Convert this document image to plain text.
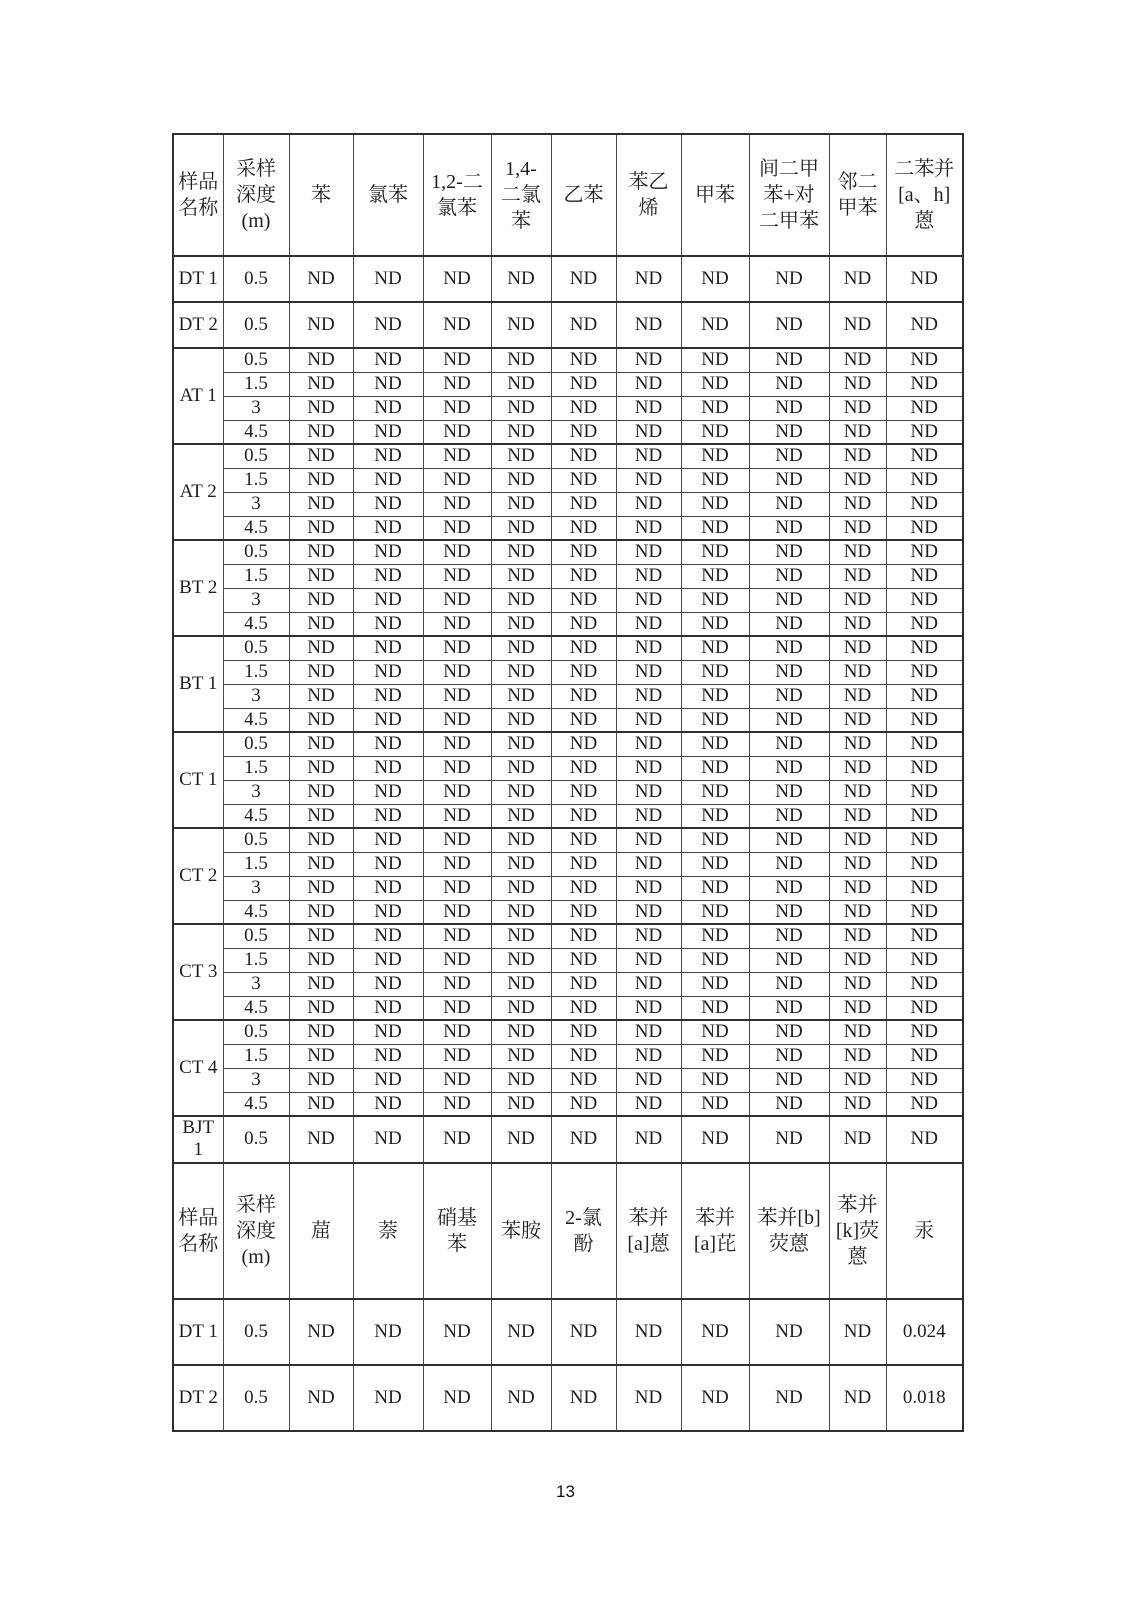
样品名称	采样深度(m)	苯	氯苯	1,2-二氯苯	1,4-二氯苯	乙苯	苯乙烯	甲苯	间二甲苯+对二甲苯	邻二甲苯	二苯并[a、h]蒽
DT 1	0.5	ND	ND	ND	ND	ND	ND	ND	ND	ND	ND
DT 2	0.5	ND	ND	ND	ND	ND	ND	ND	ND	ND	ND
AT 1	0.5	ND	ND	ND	ND	ND	ND	ND	ND	ND	ND
	1.5	ND	ND	ND	ND	ND	ND	ND	ND	ND	ND
	3	ND	ND	ND	ND	ND	ND	ND	ND	ND	ND
	4.5	ND	ND	ND	ND	ND	ND	ND	ND	ND	ND
AT 2	0.5	ND	ND	ND	ND	ND	ND	ND	ND	ND	ND
	1.5	ND	ND	ND	ND	ND	ND	ND	ND	ND	ND
	3	ND	ND	ND	ND	ND	ND	ND	ND	ND	ND
	4.5	ND	ND	ND	ND	ND	ND	ND	ND	ND	ND
BT 2	0.5	ND	ND	ND	ND	ND	ND	ND	ND	ND	ND
	1.5	ND	ND	ND	ND	ND	ND	ND	ND	ND	ND
	3	ND	ND	ND	ND	ND	ND	ND	ND	ND	ND
	4.5	ND	ND	ND	ND	ND	ND	ND	ND	ND	ND
BT 1	0.5	ND	ND	ND	ND	ND	ND	ND	ND	ND	ND
	1.5	ND	ND	ND	ND	ND	ND	ND	ND	ND	ND
	3	ND	ND	ND	ND	ND	ND	ND	ND	ND	ND
	4.5	ND	ND	ND	ND	ND	ND	ND	ND	ND	ND
CT 1	0.5	ND	ND	ND	ND	ND	ND	ND	ND	ND	ND
	1.5	ND	ND	ND	ND	ND	ND	ND	ND	ND	ND
	3	ND	ND	ND	ND	ND	ND	ND	ND	ND	ND
	4.5	ND	ND	ND	ND	ND	ND	ND	ND	ND	ND
CT 2	0.5	ND	ND	ND	ND	ND	ND	ND	ND	ND	ND
	1.5	ND	ND	ND	ND	ND	ND	ND	ND	ND	ND
	3	ND	ND	ND	ND	ND	ND	ND	ND	ND	ND
	4.5	ND	ND	ND	ND	ND	ND	ND	ND	ND	ND
CT 3	0.5	ND	ND	ND	ND	ND	ND	ND	ND	ND	ND
	1.5	ND	ND	ND	ND	ND	ND	ND	ND	ND	ND
	3	ND	ND	ND	ND	ND	ND	ND	ND	ND	ND
	4.5	ND	ND	ND	ND	ND	ND	ND	ND	ND	ND
CT 4	0.5	ND	ND	ND	ND	ND	ND	ND	ND	ND	ND
	1.5	ND	ND	ND	ND	ND	ND	ND	ND	ND	ND
	3	ND	ND	ND	ND	ND	ND	ND	ND	ND	ND
	4.5	ND	ND	ND	ND	ND	ND	ND	ND	ND	ND
BJT 1	0.5	ND	ND	ND	ND	ND	ND	ND	ND	ND	ND
样品名称	采样深度(m)	䓛	萘	硝基苯	苯胺	2-氯酚	苯并[a]蒽	苯并[a]芘	苯并[b]荧蒽	苯并[k]荧蒽	汞
DT 1	0.5	ND	ND	ND	ND	ND	ND	ND	ND	ND	0.024
DT 2	0.5	ND	ND	ND	ND	ND	ND	ND	ND	ND	0.018
13
